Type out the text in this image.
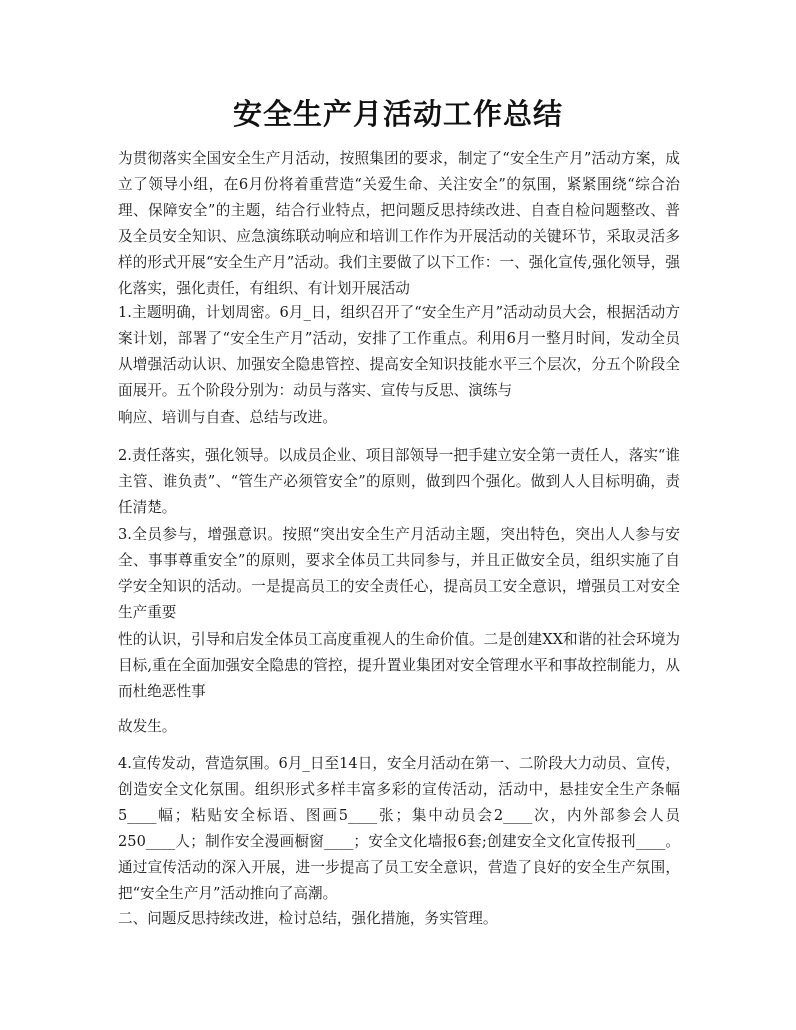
安全生产月活动工作总结
为贯彻落实全国安全生产月活动，按照集团的要求，制定了“安全生产月”活动方案，成立了领导小组，在6月份将着重营造“关爱生命、关注安全”的氛围，紧紧围绕“综合治理、保障安全”的主题，结合行业特点，把问题反思持续改进、自查自检问题整改、普及全员安全知识、应急演练联动响应和培训工作作为开展活动的关键环节，采取灵活多样的形式开展“安全生产月”活动。我们主要做了以下工作：一、强化宣传,强化领导，强化落实，强化责任，有组织、有计划开展活动
1.主题明确，计划周密。6月_日，组织召开了“安全生产月”活动动员大会，根据活动方案计划，部署了“安全生产月”活动，安排了工作重点。利用6月一整月时间，发动全员从增强活动认识、加强安全隐患管控、提高安全知识技能水平三个层次，分五个阶段全面展开。五个阶段分别为：动员与落实、宣传与反思、演练与
响应、培训与自查、总结与改进。
2.责任落实，强化领导。以成员企业、项目部领导一把手建立安全第一责任人，落实“谁主管、谁负责”、“管生产必须管安全”的原则，做到四个强化。做到人人目标明确，责任清楚。
3.全员参与，增强意识。按照“突出安全生产月活动主题，突出特色，突出人人参与安全、事事尊重安全”的原则，要求全体员工共同参与，并且正做安全员，组织实施了自学安全知识的活动。一是提高员工的安全责任心，提高员工安全意识，增强员工对安全生产重要
性的认识，引导和启发全体员工高度重视人的生命价值。二是创建XX和谐的社会环境为目标,重在全面加强安全隐患的管控，提升置业集团对安全管理水平和事故控制能力，从而杜绝恶性事
故发生。
4.宣传发动，营造氛围。6月_日至14日，安全月活动在第一、二阶段大力动员、宣传，创造安全文化氛围。组织形式多样丰富多彩的宣传活动，活动中，悬挂安全生产条幅5____幅；粘贴安全标语、图画5____张；集中动员会2____次，内外部参会人员250____人；制作安全漫画橱窗____；安全文化墙报6套;创建安全文化宣传报刊____。通过宣传活动的深入开展，进一步提高了员工安全意识，营造了良好的安全生产氛围，把“安全生产月”活动推向了高潮。
二、问题反思持续改进，检讨总结，强化措施，务实管理。
